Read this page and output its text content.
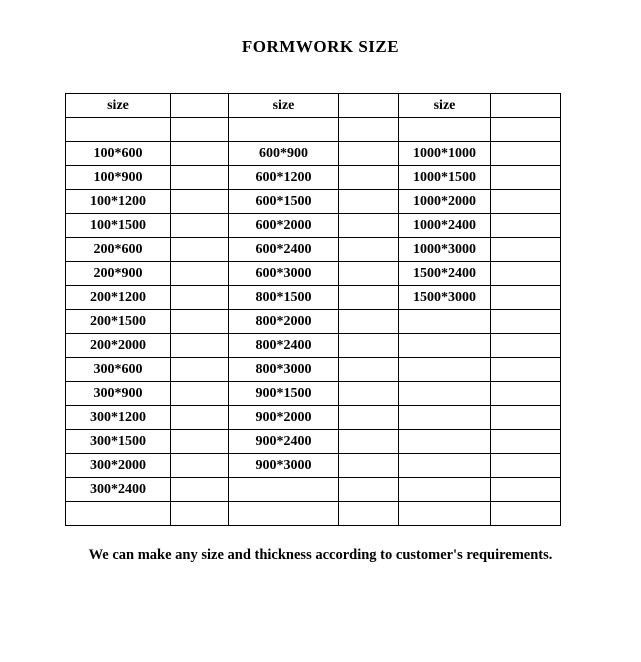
FORMWORK SIZE
size		size		size	

100*600		600*900		1000*1000	
100*900		600*1200		1000*1500	
100*1200		600*1500		1000*2000	
100*1500		600*2000		1000*2400	
200*600		600*2400		1000*3000	
200*900		600*3000		1500*2400	
200*1200		800*1500		1500*3000	
200*1500		800*2000			
200*2000		800*2400			
300*600		800*3000			
300*900		900*1500			
300*1200		900*2000			
300*1500		900*2400			
300*2000		900*3000			
300*2400					

We can make any size and thickness according to customer's requirements.
